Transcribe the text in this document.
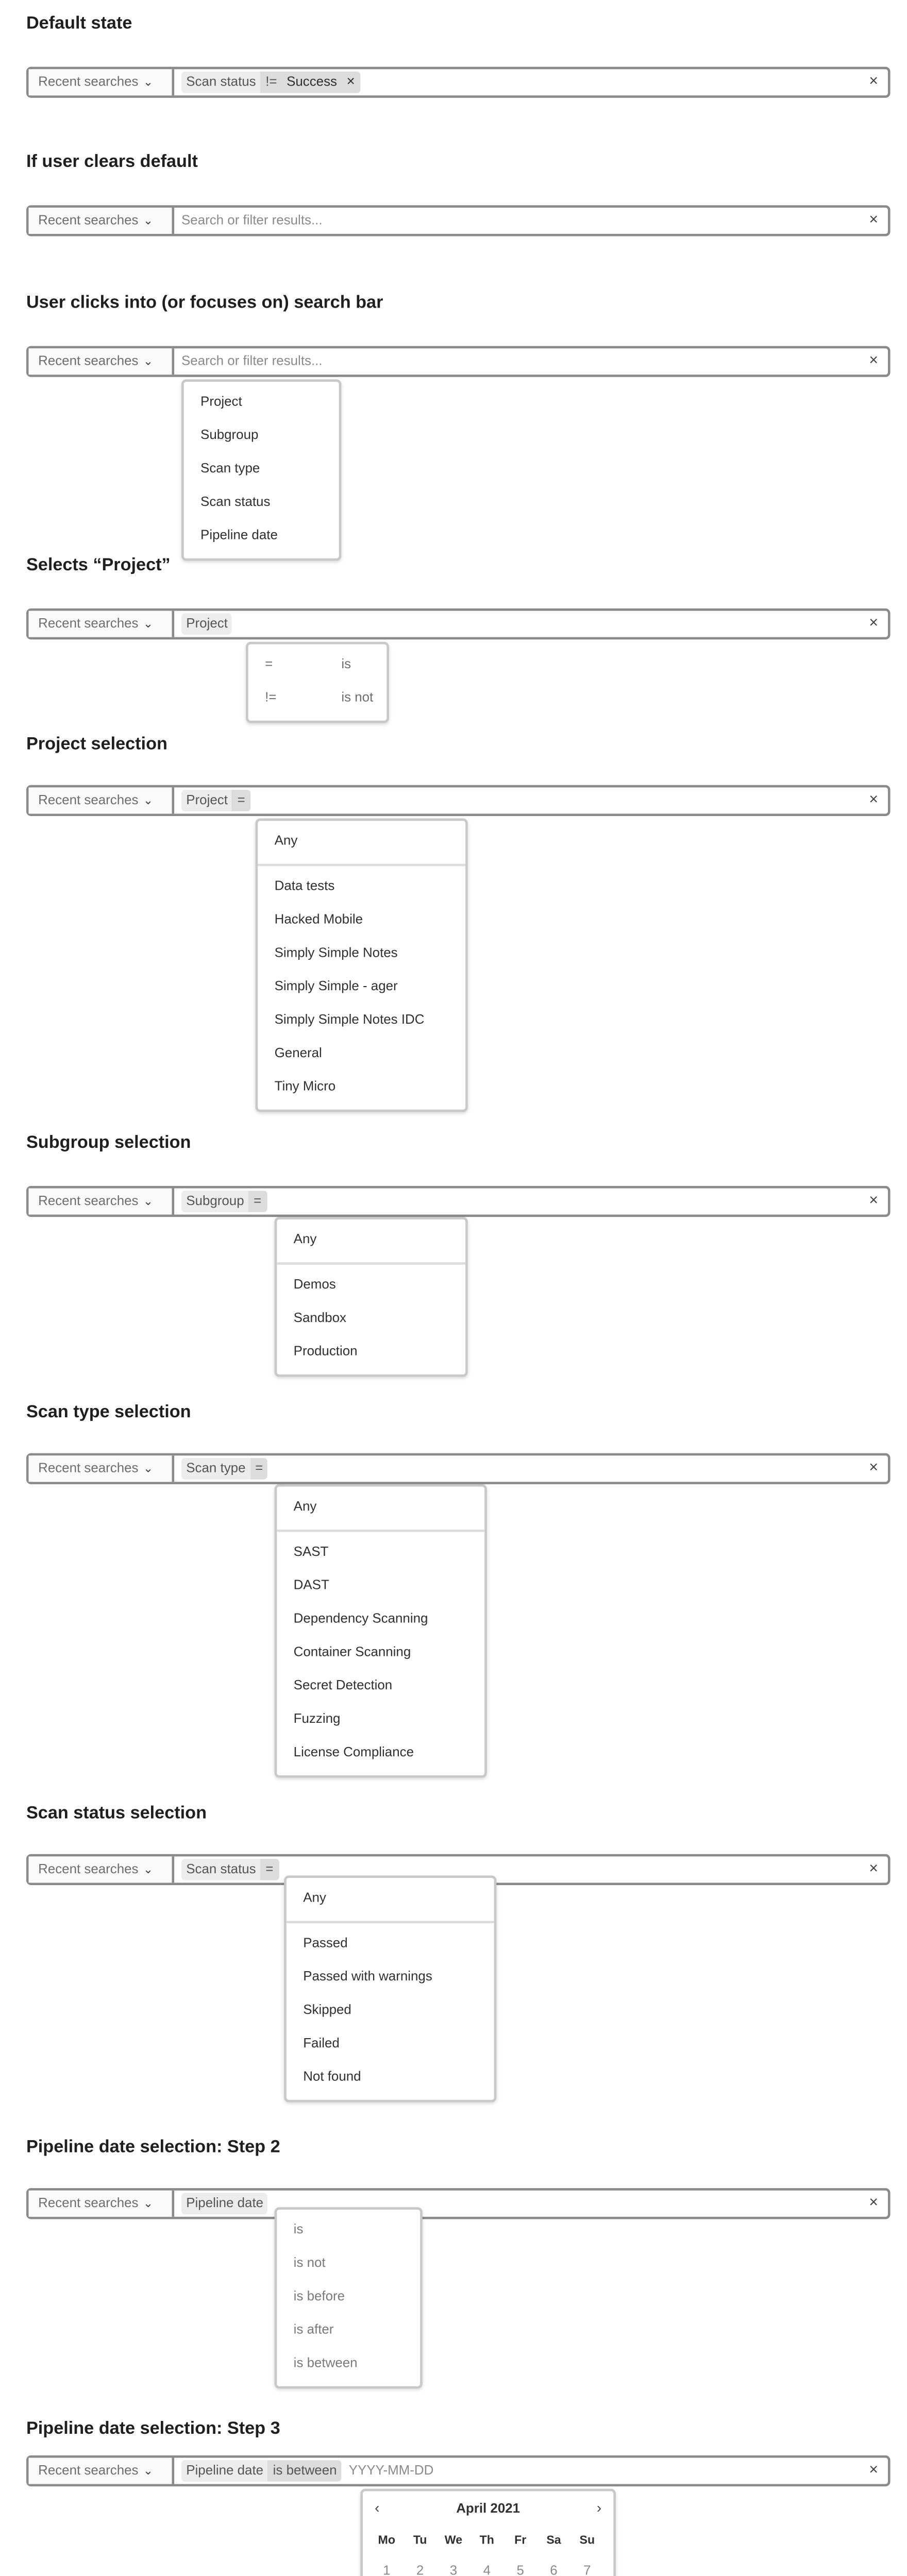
Default state
Recent searches ⌄	Scan status	!=	Success	×	×
If user clears default
Recent searches ⌄	Search or filter results...	×
User clicks into (or focuses on) search bar
Recent searches ⌄	Search or filter results...	×
Project
Subgroup
Scan type
Scan status
Pipeline date
Selects “Project”
Recent searches ⌄	Project	×
=	is
!=	is not
Project selection
Recent searches ⌄	Project	=	×
Any
Data tests
Hacked Mobile
Simply Simple Notes
Simply Simple - ager
Simply Simple Notes IDC
General
Tiny Micro
Subgroup selection
Recent searches ⌄	Subgroup	=	×
Any
Demos
Sandbox
Production
Scan type selection
Recent searches ⌄	Scan type	=	×
Any
SAST
DAST
Dependency Scanning
Container Scanning
Secret Detection
Fuzzing
License Compliance
Scan status selection
Recent searches ⌄	Scan status	=	×
Any
Passed
Passed with warnings
Skipped
Failed
Not found
Pipeline date selection: Step 2
Recent searches ⌄	Pipeline date	×
is
is not
is before
is after
is between
Pipeline date selection: Step 3
Recent searches ⌄	Pipeline date	is between	YYYY-MM-DD	×
‹	April 2021	›
Mo	Tu	We	Th	Fr	Sa	Su
1	2	3	4	5	6	7
